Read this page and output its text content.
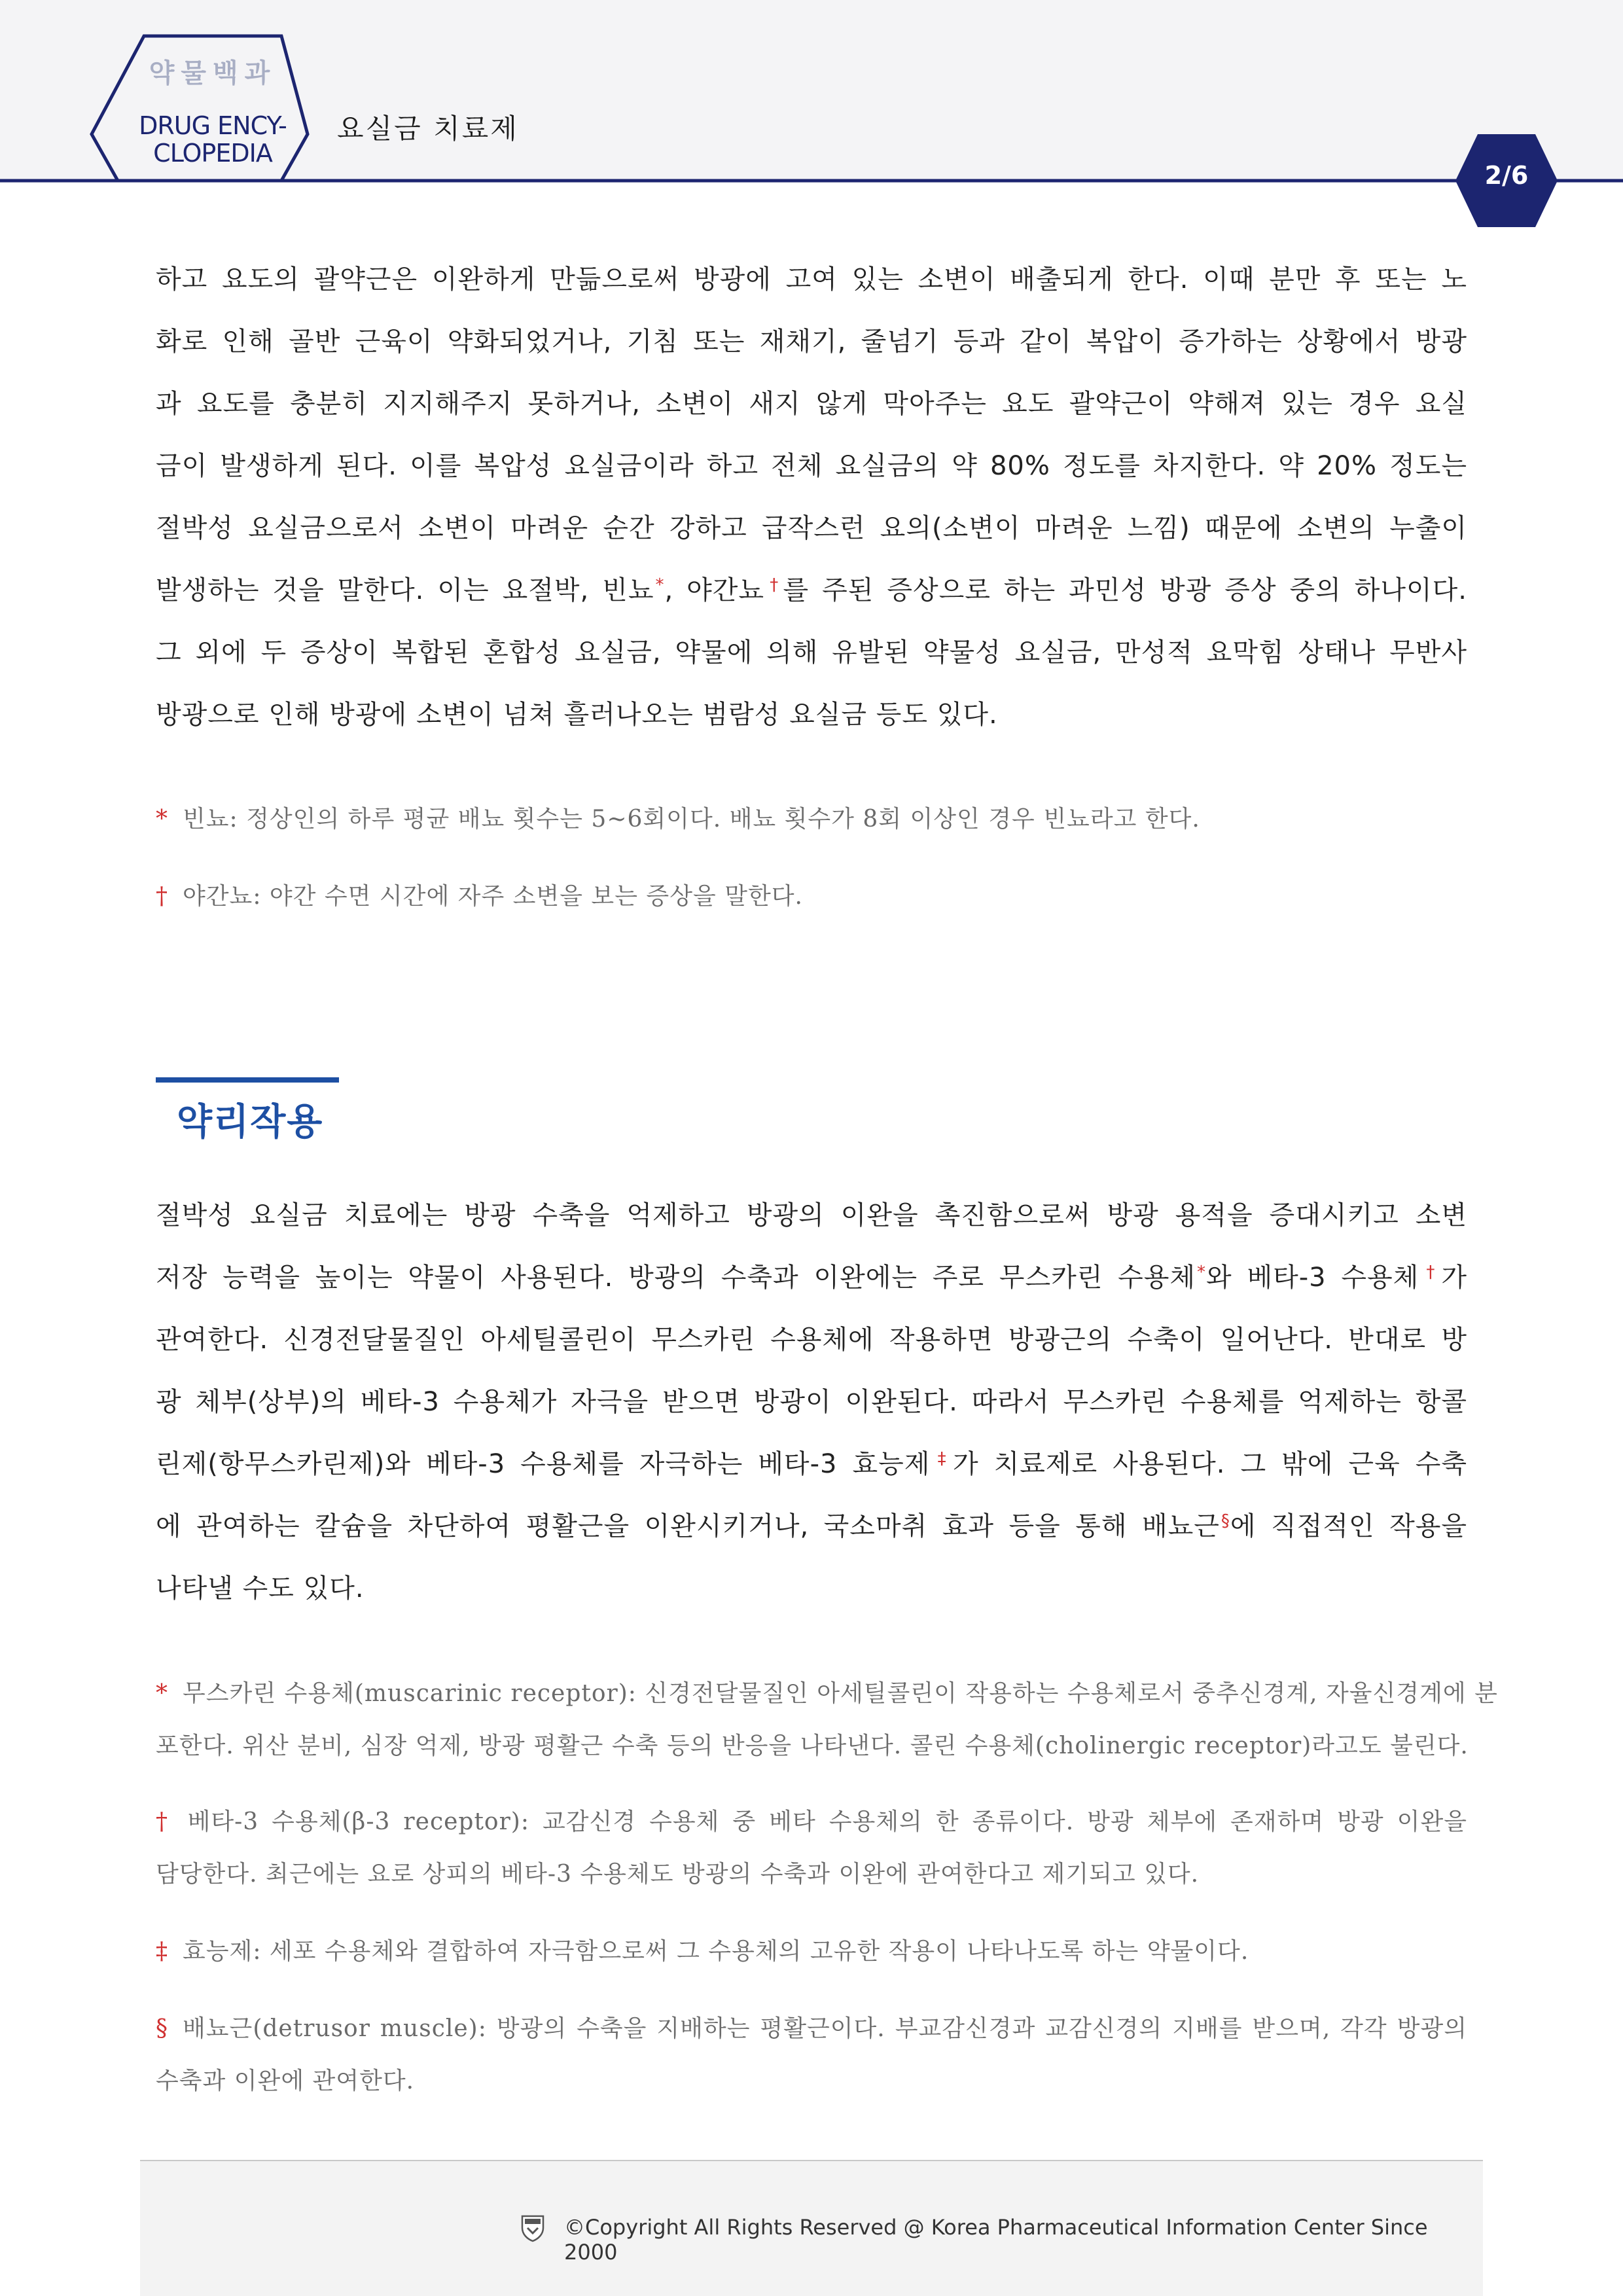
약물백과
DRUG ENCY-
CLOPEDIA
요실금 치료제
2/6
하고 요도의 괄약근은 이완하게 만듦으로써 방광에 고여 있는 소변이 배출되게 한다. 이때 분만 후 또는 노
화로 인해 골반 근육이 약화되었거나, 기침 또는 재채기, 줄넘기 등과 같이 복압이 증가하는 상황에서 방광
과 요도를 충분히 지지해주지 못하거나, 소변이 새지 않게 막아주는 요도 괄약근이 약해져 있는 경우 요실
금이 발생하게 된다. 이를 복압성 요실금이라 하고 전체 요실금의 약 80% 정도를 차지한다. 약 20% 정도는
절박성 요실금으로서 소변이 마려운 순간 강하고 급작스런 요의(소변이 마려운 느낌) 때문에 소변의 누출이
발생하는 것을 말한다. 이는 요절박, 빈뇨*, 야간뇨†를 주된 증상으로 하는 과민성 방광 증상 중의 하나이다.
그 외에 두 증상이 복합된 혼합성 요실금, 약물에 의해 유발된 약물성 요실금, 만성적 요막힘 상태나 무반사
방광으로 인해 방광에 소변이 넘쳐 흘러나오는 범람성 요실금 등도 있다.
* 빈뇨: 정상인의 하루 평균 배뇨 횟수는 5~6회이다. 배뇨 횟수가 8회 이상인 경우 빈뇨라고 한다.
† 야간뇨: 야간 수면 시간에 자주 소변을 보는 증상을 말한다.
약리작용
절박성 요실금 치료에는 방광 수축을 억제하고 방광의 이완을 촉진함으로써 방광 용적을 증대시키고 소변
저장 능력을 높이는 약물이 사용된다. 방광의 수축과 이완에는 주로 무스카린 수용체*와 베타-3 수용체†가
관여한다. 신경전달물질인 아세틸콜린이 무스카린 수용체에 작용하면 방광근의 수축이 일어난다. 반대로 방
광 체부(상부)의 베타-3 수용체가 자극을 받으면 방광이 이완된다. 따라서 무스카린 수용체를 억제하는 항콜
린제(항무스카린제)와 베타-3 수용체를 자극하는 베타-3 효능제‡가 치료제로 사용된다. 그 밖에 근육 수축
에 관여하는 칼슘을 차단하여 평활근을 이완시키거나, 국소마취 효과 등을 통해 배뇨근§에 직접적인 작용을
나타낼 수도 있다.
* 무스카린 수용체(muscarinic receptor): 신경전달물질인 아세틸콜린이 작용하는 수용체로서 중추신경계, 자율신경계에 분
포한다. 위산 분비, 심장 억제, 방광 평활근 수축 등의 반응을 나타낸다. 콜린 수용체(cholinergic receptor)라고도 불린다.
† 베타-3 수용체(β-3 receptor): 교감신경 수용체 중 베타 수용체의 한 종류이다. 방광 체부에 존재하며 방광 이완을
담당한다. 최근에는 요로 상피의 베타-3 수용체도 방광의 수축과 이완에 관여한다고 제기되고 있다.
‡ 효능제: 세포 수용체와 결합하여 자극함으로써 그 수용체의 고유한 작용이 나타나도록 하는 약물이다.
§ 배뇨근(detrusor muscle): 방광의 수축을 지배하는 평활근이다. 부교감신경과 교감신경의 지배를 받으며, 각각 방광의
수축과 이완에 관여한다.
©Copyright All Rights Reserved @ Korea Pharmaceutical Information Center Since 2000
